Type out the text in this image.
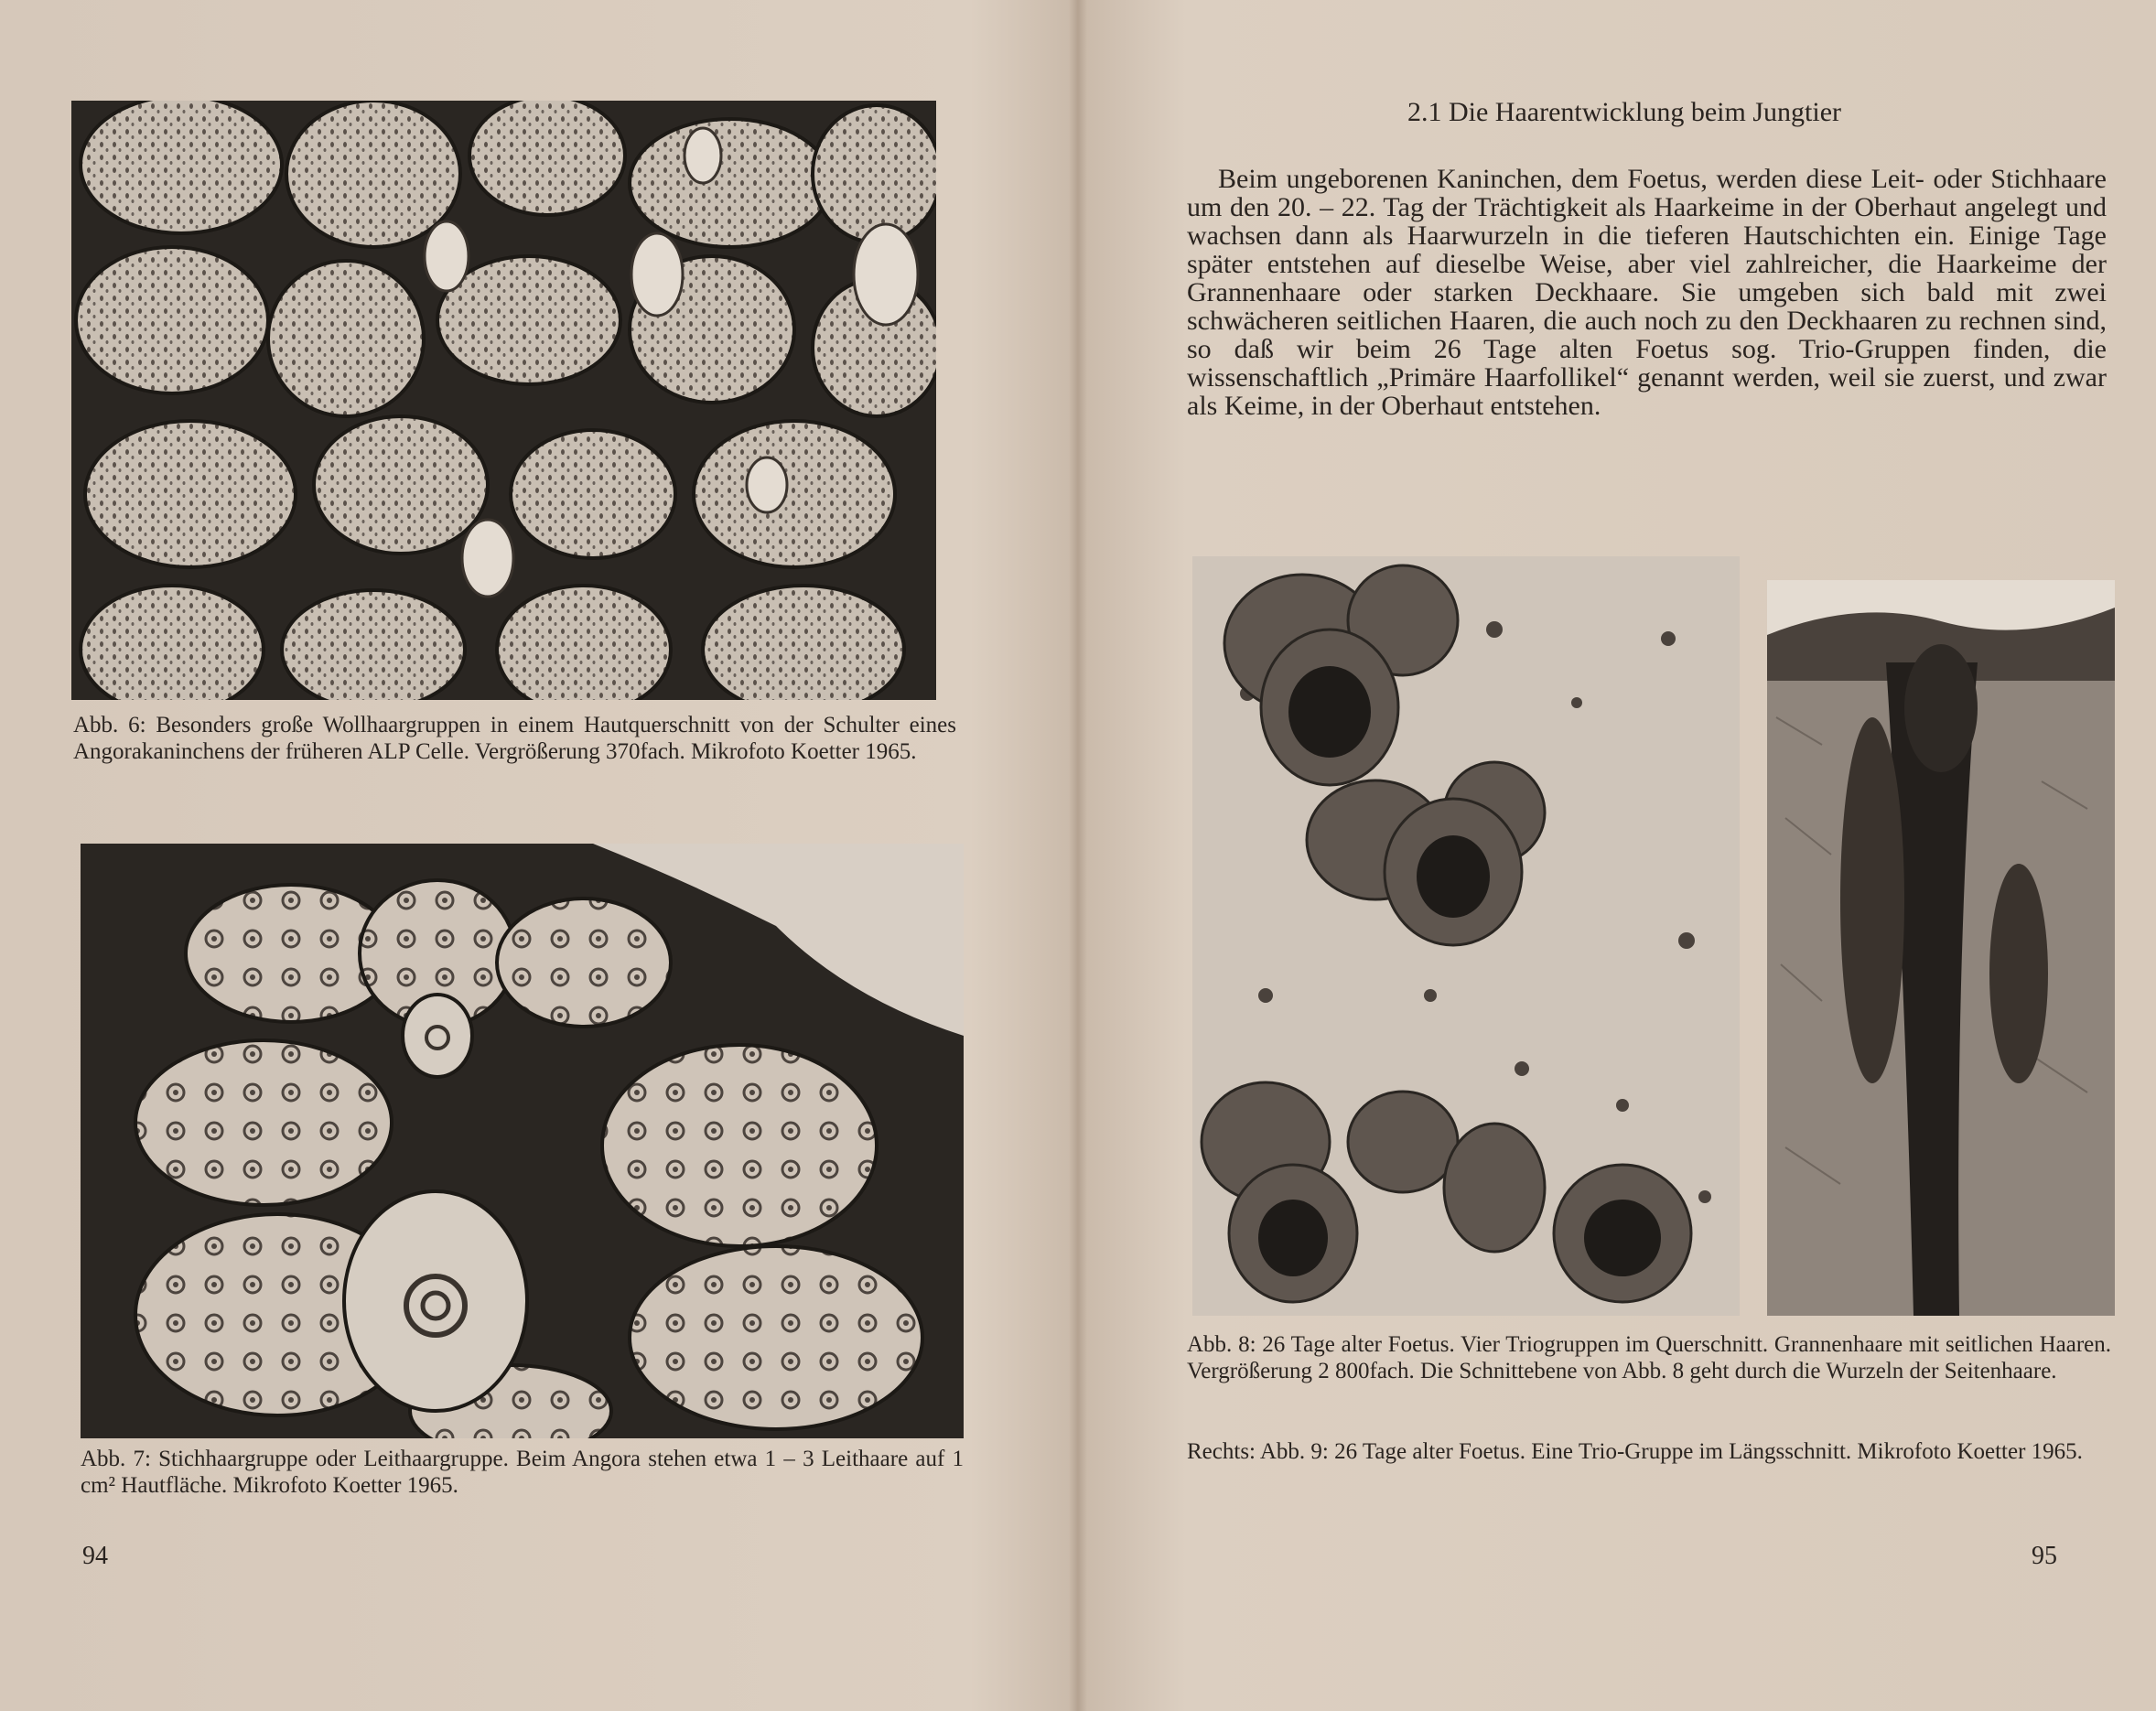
Abb. 6: Besonders große Wollhaargruppen in einem Hautquerschnitt von der Schulter eines Angorakaninchens der früheren ALP Celle. Vergrößerung 370fach. Mikrofoto Koetter 1965.

Abb. 7: Stichhaargruppe oder Leithaargruppe. Beim Angora stehen etwa 1 – 3 Leithaare auf 1 cm² Hautfläche. Mikrofoto Koetter 1965.

94
2.1 Die Haarentwicklung beim Jungtier

Beim ungeborenen Kaninchen, dem Foetus, werden diese Leit- oder Stichhaare um den 20. – 22. Tag der Trächtigkeit als Haarkeime in der Oberhaut angelegt und wachsen dann als Haarwurzeln in die tieferen Hautschichten ein. Einige Tage später entstehen auf dieselbe Weise, aber viel zahlreicher, die Haarkeime der Grannenhaare oder starken Deckhaare. Sie umgeben sich bald mit zwei schwächeren seitlichen Haaren, die auch noch zu den Deckhaaren zu rechnen sind, so daß wir beim 26 Tage alten Foetus sog. Trio-Gruppen finden, die wissenschaftlich „Primäre Haarfollikel“ genannt werden, weil sie zuerst, und zwar als Keime, in der Oberhaut entstehen.

Abb. 8: 26 Tage alter Foetus. Vier Triogruppen im Querschnitt. Grannenhaare mit seitlichen Haaren. Vergrößerung 2 800fach. Die Schnittebene von Abb. 8 geht durch die Wurzeln der Seitenhaare.

Rechts: Abb. 9: 26 Tage alter Foetus. Eine Trio-Gruppe im Längsschnitt. Mikrofoto Koetter 1965.

95
